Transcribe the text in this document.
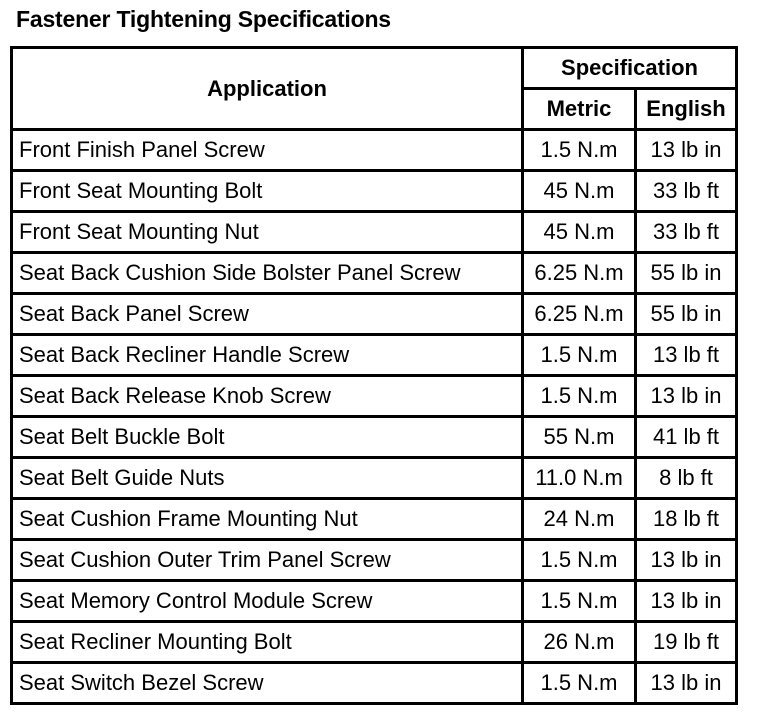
Fastener Tightening Specifications
Application	Specification	
	Metric	English
Front Finish Panel Screw	1.5 N.m	13 lb in
Front Seat Mounting Bolt	45 N.m	33 lb ft
Front Seat Mounting Nut	45 N.m	33 lb ft
Seat Back Cushion Side Bolster Panel Screw	6.25 N.m	55 lb in
Seat Back Panel Screw	6.25 N.m	55 lb in
Seat Back Recliner Handle Screw	1.5 N.m	13 lb ft
Seat Back Release Knob Screw	1.5 N.m	13 lb in
Seat Belt Buckle Bolt	55 N.m	41 lb ft
Seat Belt Guide Nuts	11.0 N.m	8 lb ft
Seat Cushion Frame Mounting Nut	24 N.m	18 lb ft
Seat Cushion Outer Trim Panel Screw	1.5 N.m	13 lb in
Seat Memory Control Module Screw	1.5 N.m	13 lb in
Seat Recliner Mounting Bolt	26 N.m	19 lb ft
Seat Switch Bezel Screw	1.5 N.m	13 lb in
